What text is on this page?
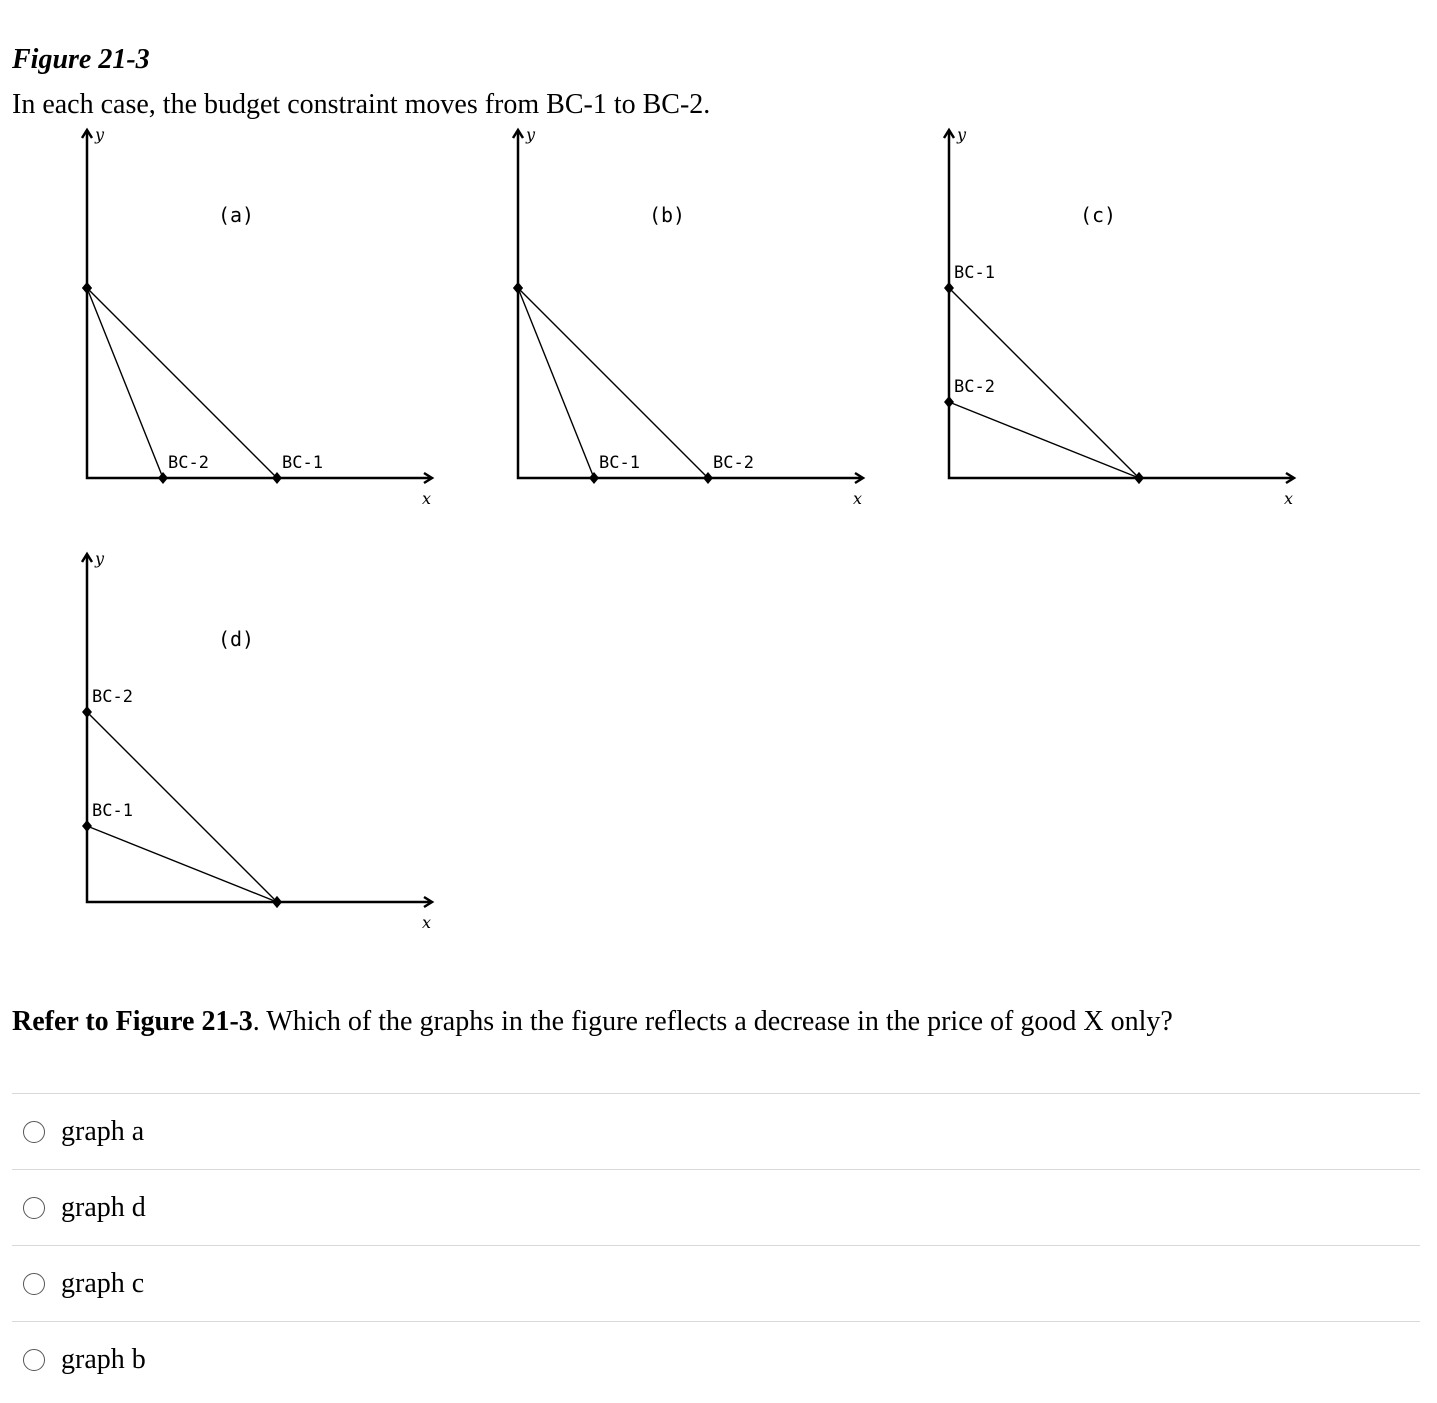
Figure 21-3

In each case, the budget constraint moves from BC-1 to BC-2.

y
x
(a)
BC-1
BC-2
y
x
(b)
BC-1	BC-2
y
x
(c)
BC-1
BC-2
y
x
(d)
BC-1
BC-2

Refer to Figure 21-3. Which of the graphs in the figure reflects a decrease in the price of good X only?

graph a
graph d
graph c
graph b
